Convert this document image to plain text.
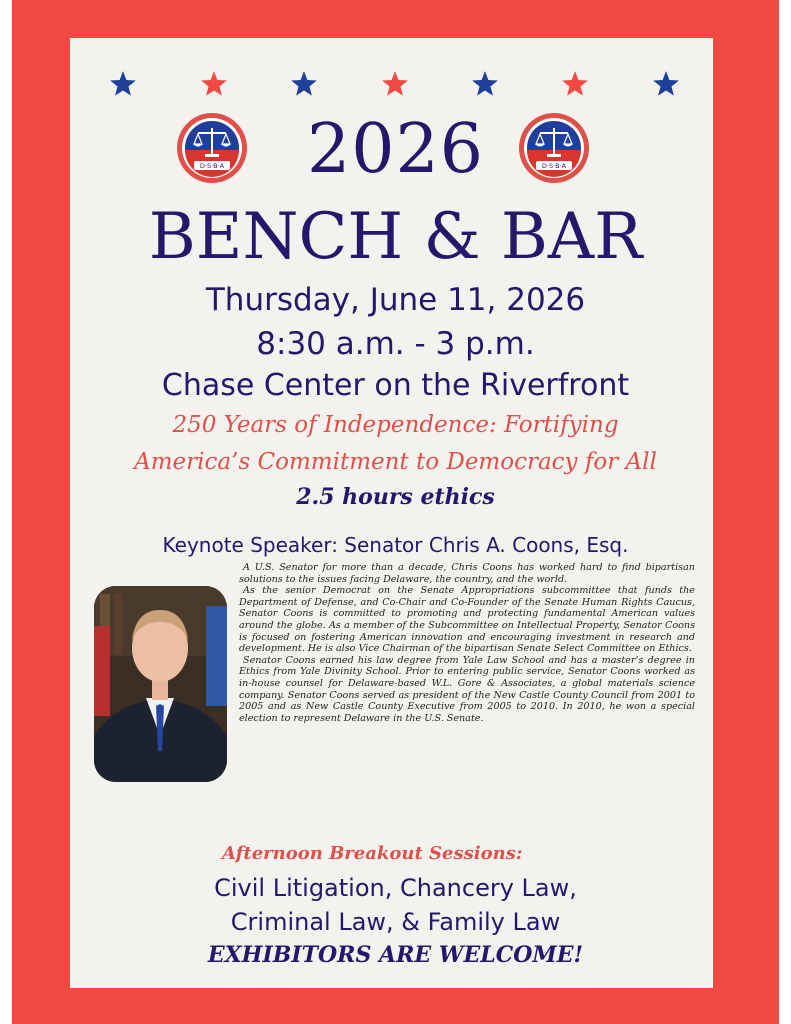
D·S·B·A	D·S·B·A
2026
BENCH & BAR
Thursday, June 11, 2026
8:30 a.m. - 3 p.m.
Chase Center on the Riverfront
250 Years of Independence: Fortifying
America’s Commitment to Democracy for All
2.5 hours ethics
Keynote Speaker: Senator Chris A. Coons, Esq.

A U.S. Senator for more than a decade, Chris Coons has worked hard to find bipartisan solutions to the issues facing Delaware, the country, and the world.

As the senior Democrat on the Senate Appropriations subcommittee that funds the Department of Defense, and Co-Chair and Co-Founder of the Senate Human Rights Caucus, Senator Coons is committed to promoting and protecting fundamental American values around the globe. As a member of the Subcommittee on Intellectual Property, Senator Coons is focused on fostering American innovation and encouraging investment in research and development. He is also Vice Chairman of the bipartisan Senate Select Committee on Ethics.

Senator Coons earned his law degree from Yale Law School and has a master’s degree in Ethics from Yale Divinity School. Prior to entering public service, Senator Coons worked as in-house counsel for Delaware-based W.L. Gore & Associates, a global materials science company. Senator Coons served as president of the New Castle County Council from 2001 to 2005 and as New Castle County Executive from 2005 to 2010. In 2010, he won a special election to represent Delaware in the U.S. Senate.

Afternoon Breakout Sessions:
Civil Litigation, Chancery Law,
Criminal Law, & Family Law
EXHIBITORS ARE WELCOME!
